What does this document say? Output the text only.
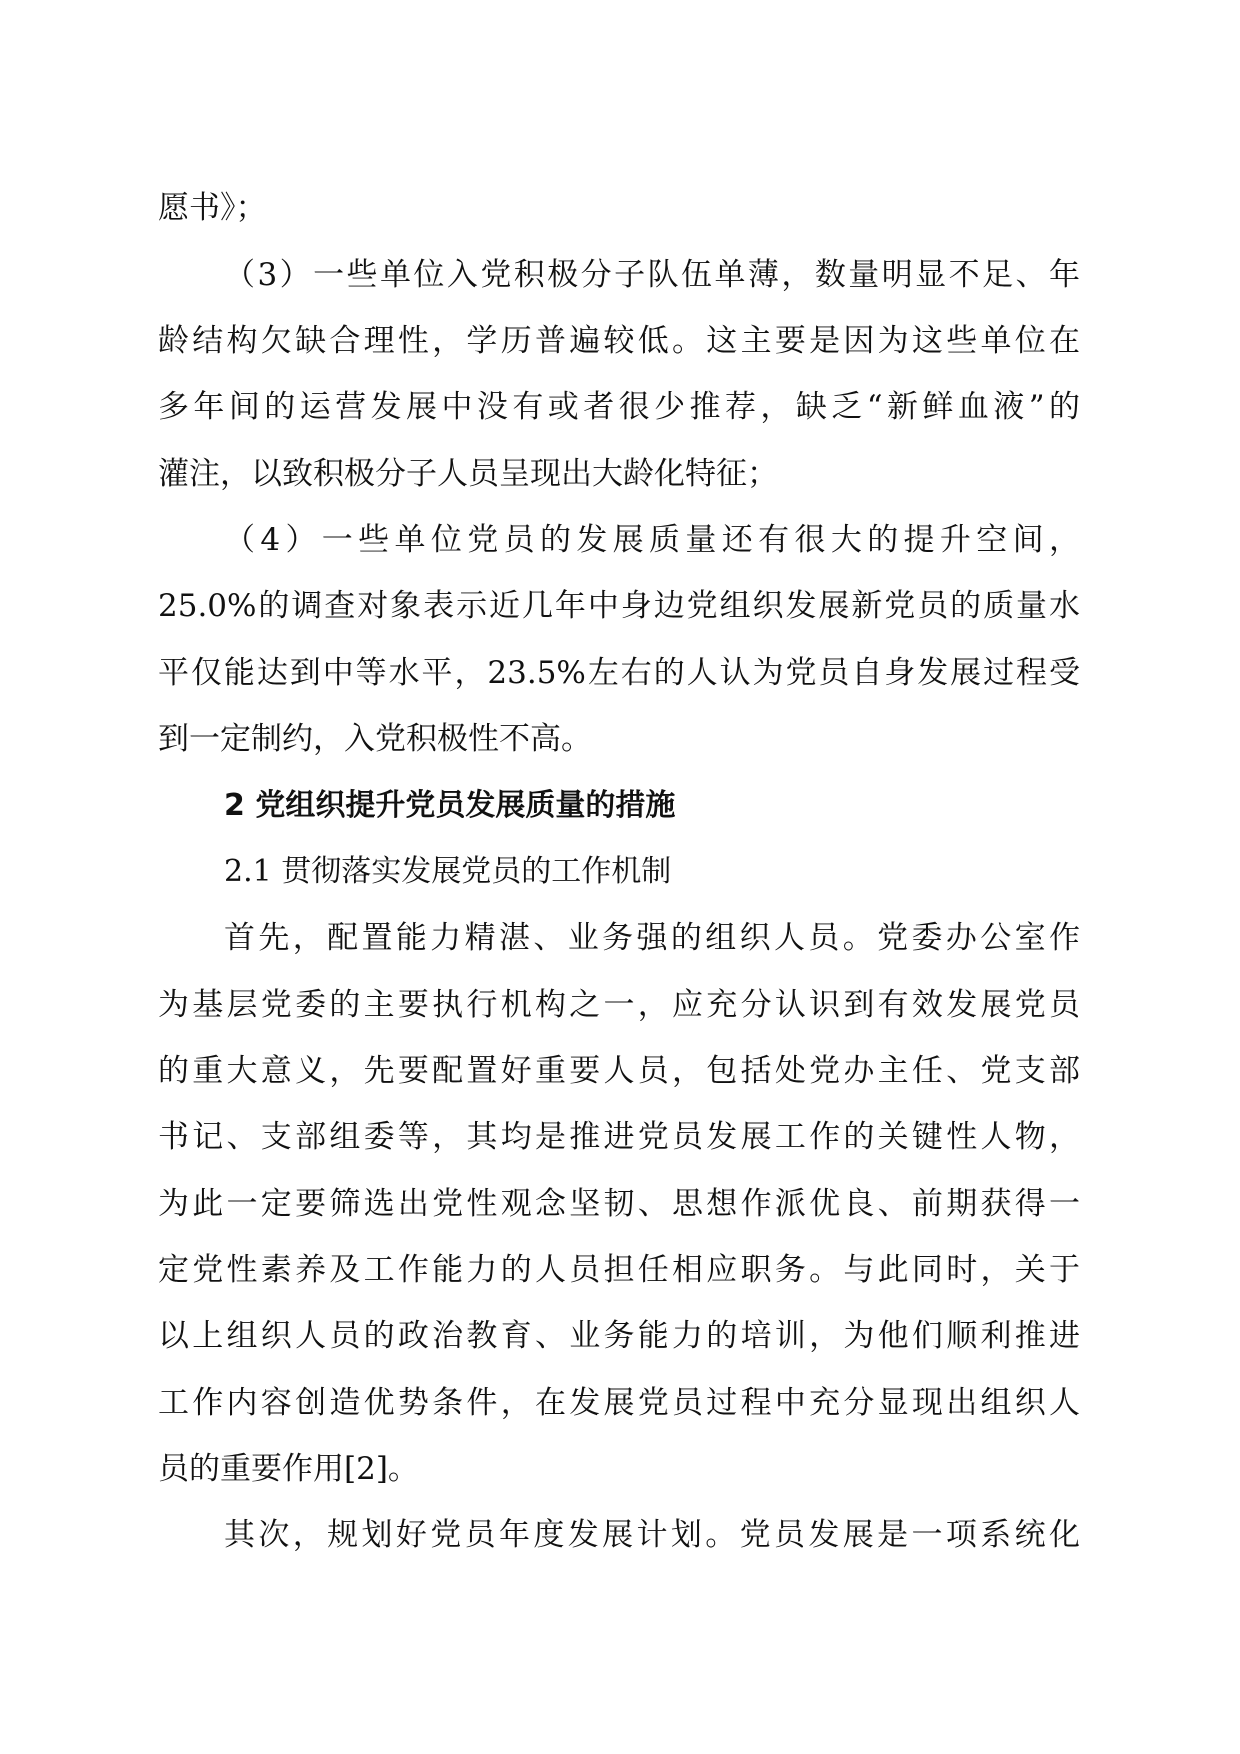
愿书》；
（3）一些单位入党积极分子队伍单薄，数量明显不足、年
龄结构欠缺合理性，学历普遍较低。这主要是因为这些单位在
多年间的运营发展中没有或者很少推荐，缺乏“新鲜血液”的
灌注，以致积极分子人员呈现出大龄化特征；
（4）一些单位党员的发展质量还有很大的提升空间，
25.0%的调查对象表示近几年中身边党组织发展新党员的质量水
平仅能达到中等水平，23.5%左右的人认为党员自身发展过程受
到一定制约，入党积极性不高。
2 党组织提升党员发展质量的措施
2.1 贯彻落实发展党员的工作机制
首先，配置能力精湛、业务强的组织人员。党委办公室作
为基层党委的主要执行机构之一，应充分认识到有效发展党员
的重大意义，先要配置好重要人员，包括处党办主任、党支部
书记、支部组委等，其均是推进党员发展工作的关键性人物，
为此一定要筛选出党性观念坚韧、思想作派优良、前期获得一
定党性素养及工作能力的人员担任相应职务。与此同时，关于
以上组织人员的政治教育、业务能力的培训，为他们顺利推进
工作内容创造优势条件，在发展党员过程中充分显现出组织人
员的重要作用[2]。
其次，规划好党员年度发展计划。党员发展是一项系统化
